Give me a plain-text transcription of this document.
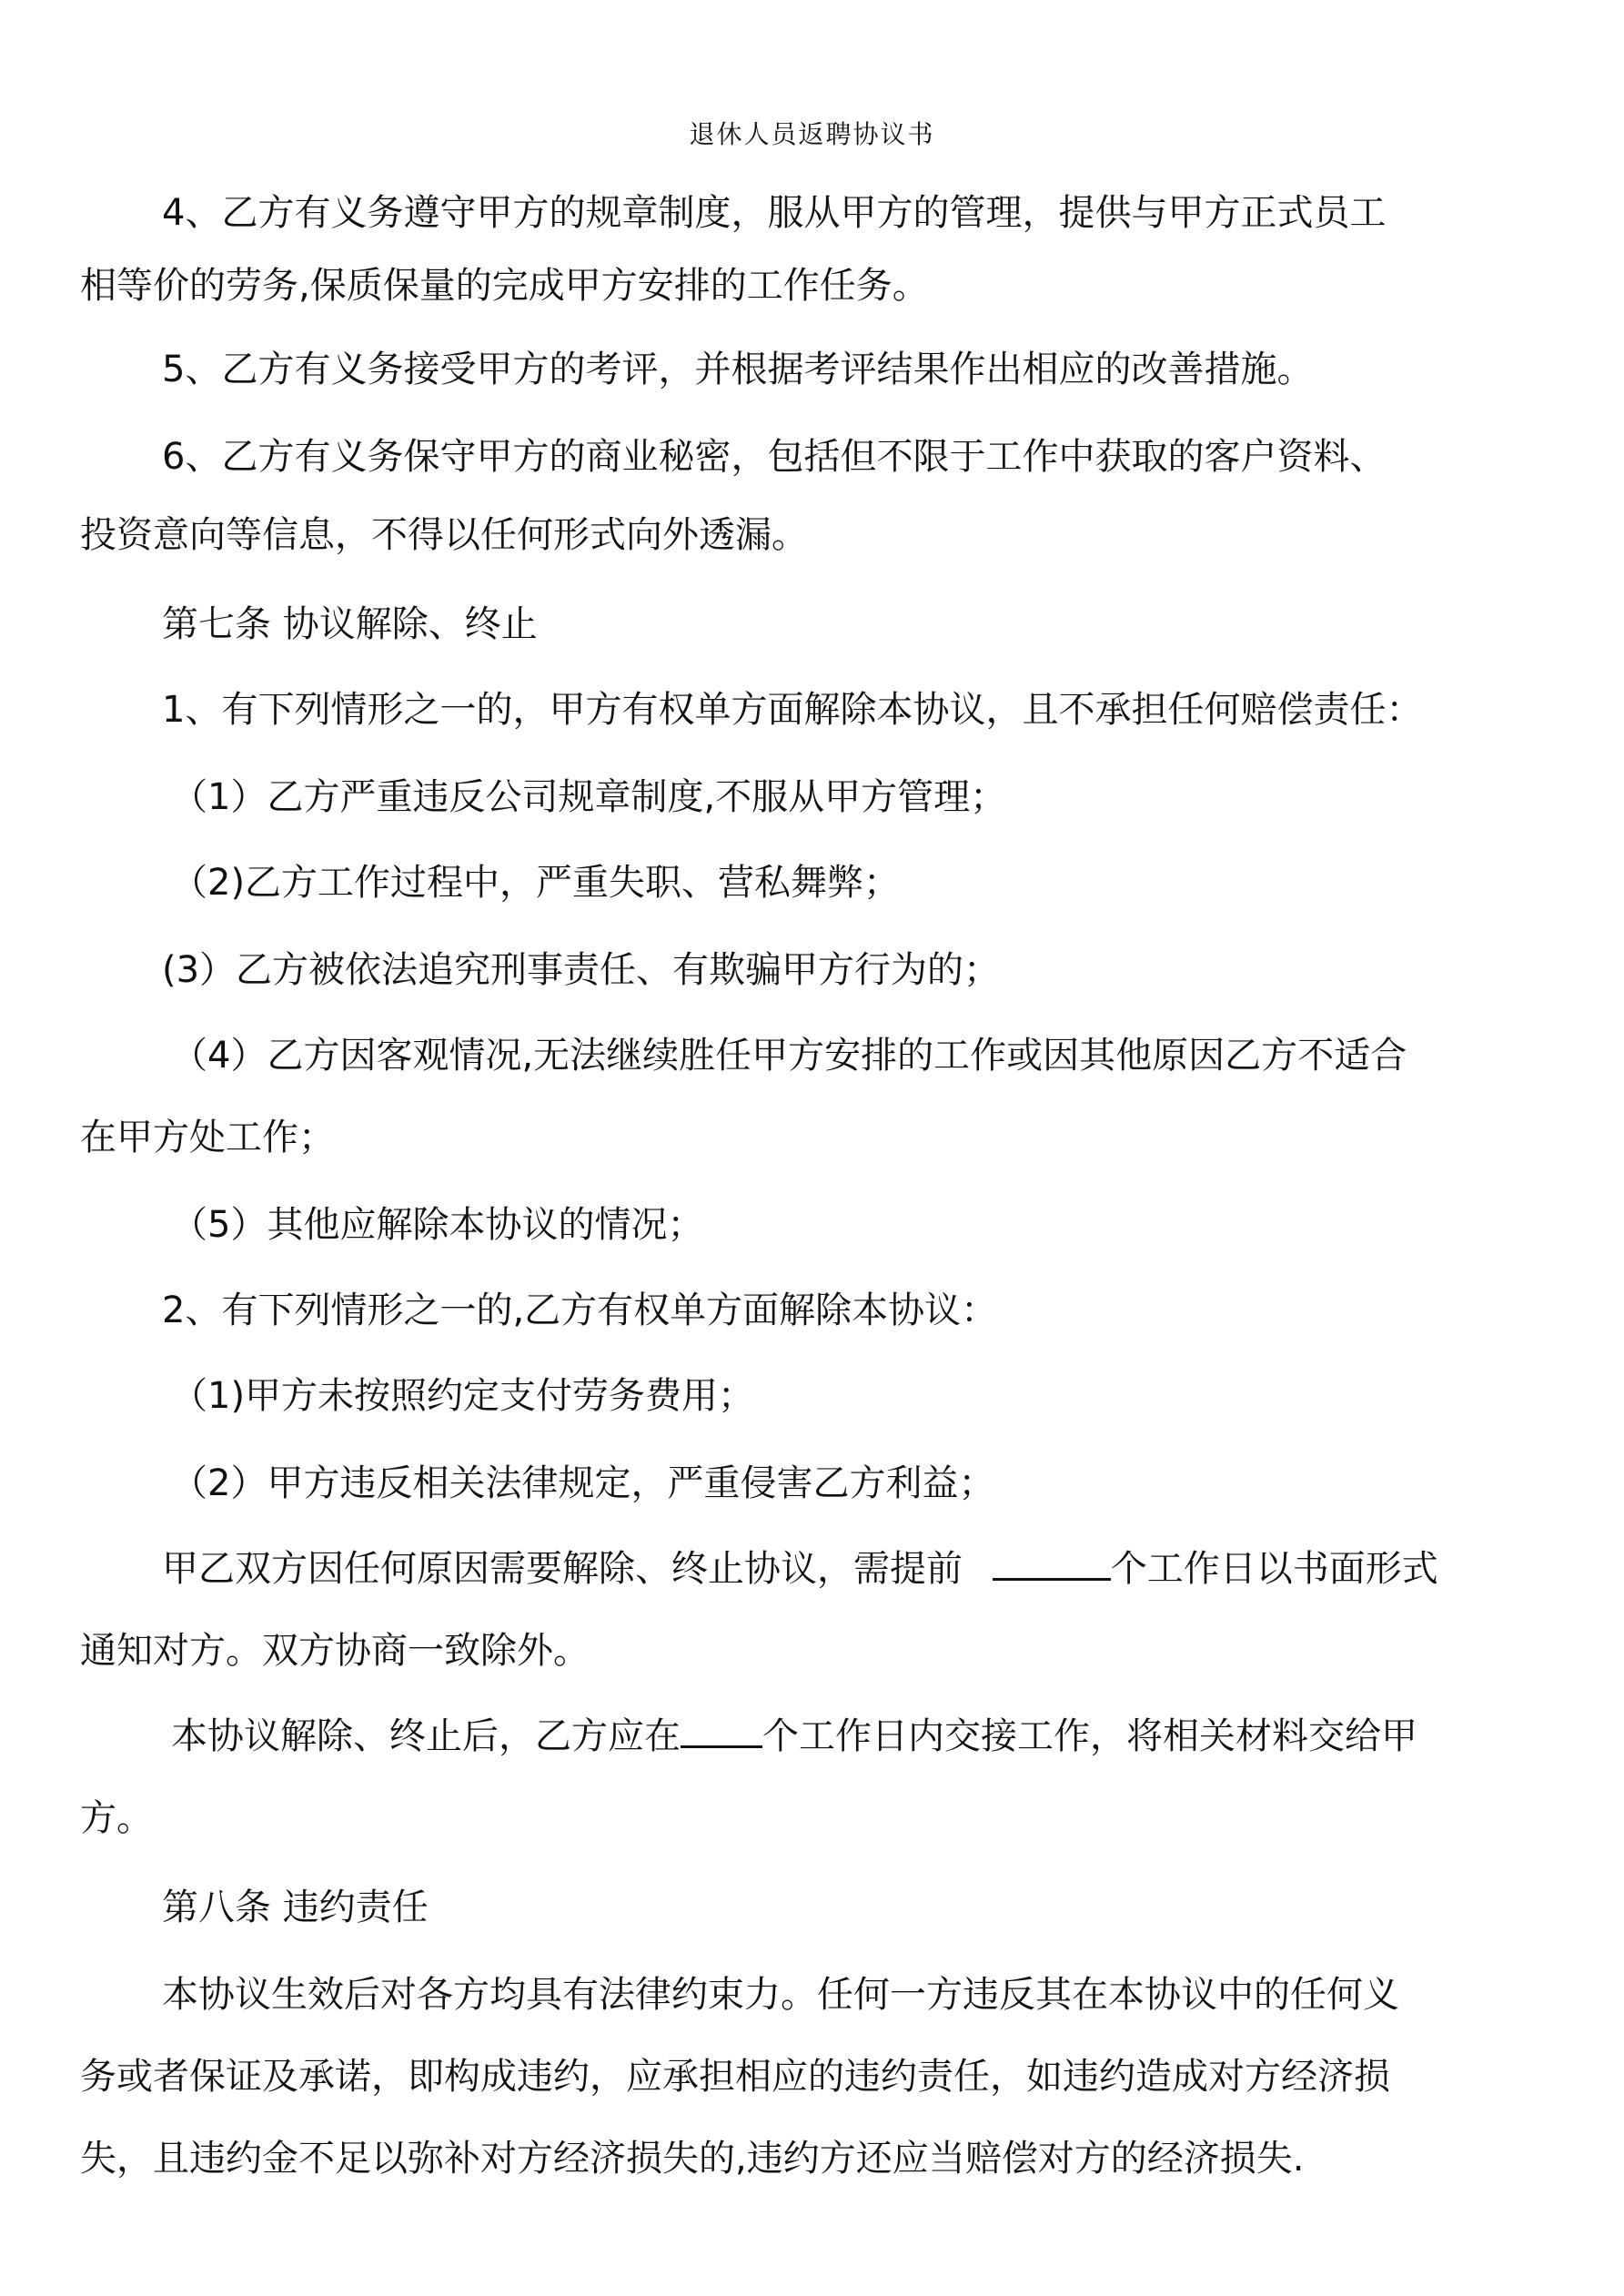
退休人员返聘协议书
4、乙方有义务遵守甲方的规章制度，服从甲方的管理，提供与甲方正式员工
相等价的劳务,保质保量的完成甲方安排的工作任务。
5、乙方有义务接受甲方的考评，并根据考评结果作出相应的改善措施。
6、乙方有义务保守甲方的商业秘密，包括但不限于工作中获取的客户资料、
投资意向等信息，不得以任何形式向外透漏。
第七条 协议解除、终止
1、有下列情形之一的，甲方有权单方面解除本协议，且不承担任何赔偿责任：
（1）乙方严重违反公司规章制度,不服从甲方管理；
（2)乙方工作过程中，严重失职、营私舞弊；
(3）乙方被依法追究刑事责任、有欺骗甲方行为的；
（4）乙方因客观情况,无法继续胜任甲方安排的工作或因其他原因乙方不适合
在甲方处工作；
（5）其他应解除本协议的情况；
2、有下列情形之一的,乙方有权单方面解除本协议：
（1)甲方未按照约定支付劳务费用；
（2）甲方违反相关法律规定，严重侵害乙方利益；
甲乙双方因任何原因需要解除、终止协议，需提前	个工作日以书面形式
通知对方。双方协商一致除外。
本协议解除、终止后，乙方应在 个工作日内交接工作，将相关材料交给甲
方。
第八条 违约责任
本协议生效后对各方均具有法律约束力。任何一方违反其在本协议中的任何义
务或者保证及承诺，即构成违约，应承担相应的违约责任，如违约造成对方经济损
失，且违约金不足以弥补对方经济损失的,违约方还应当赔偿对方的经济损失.
